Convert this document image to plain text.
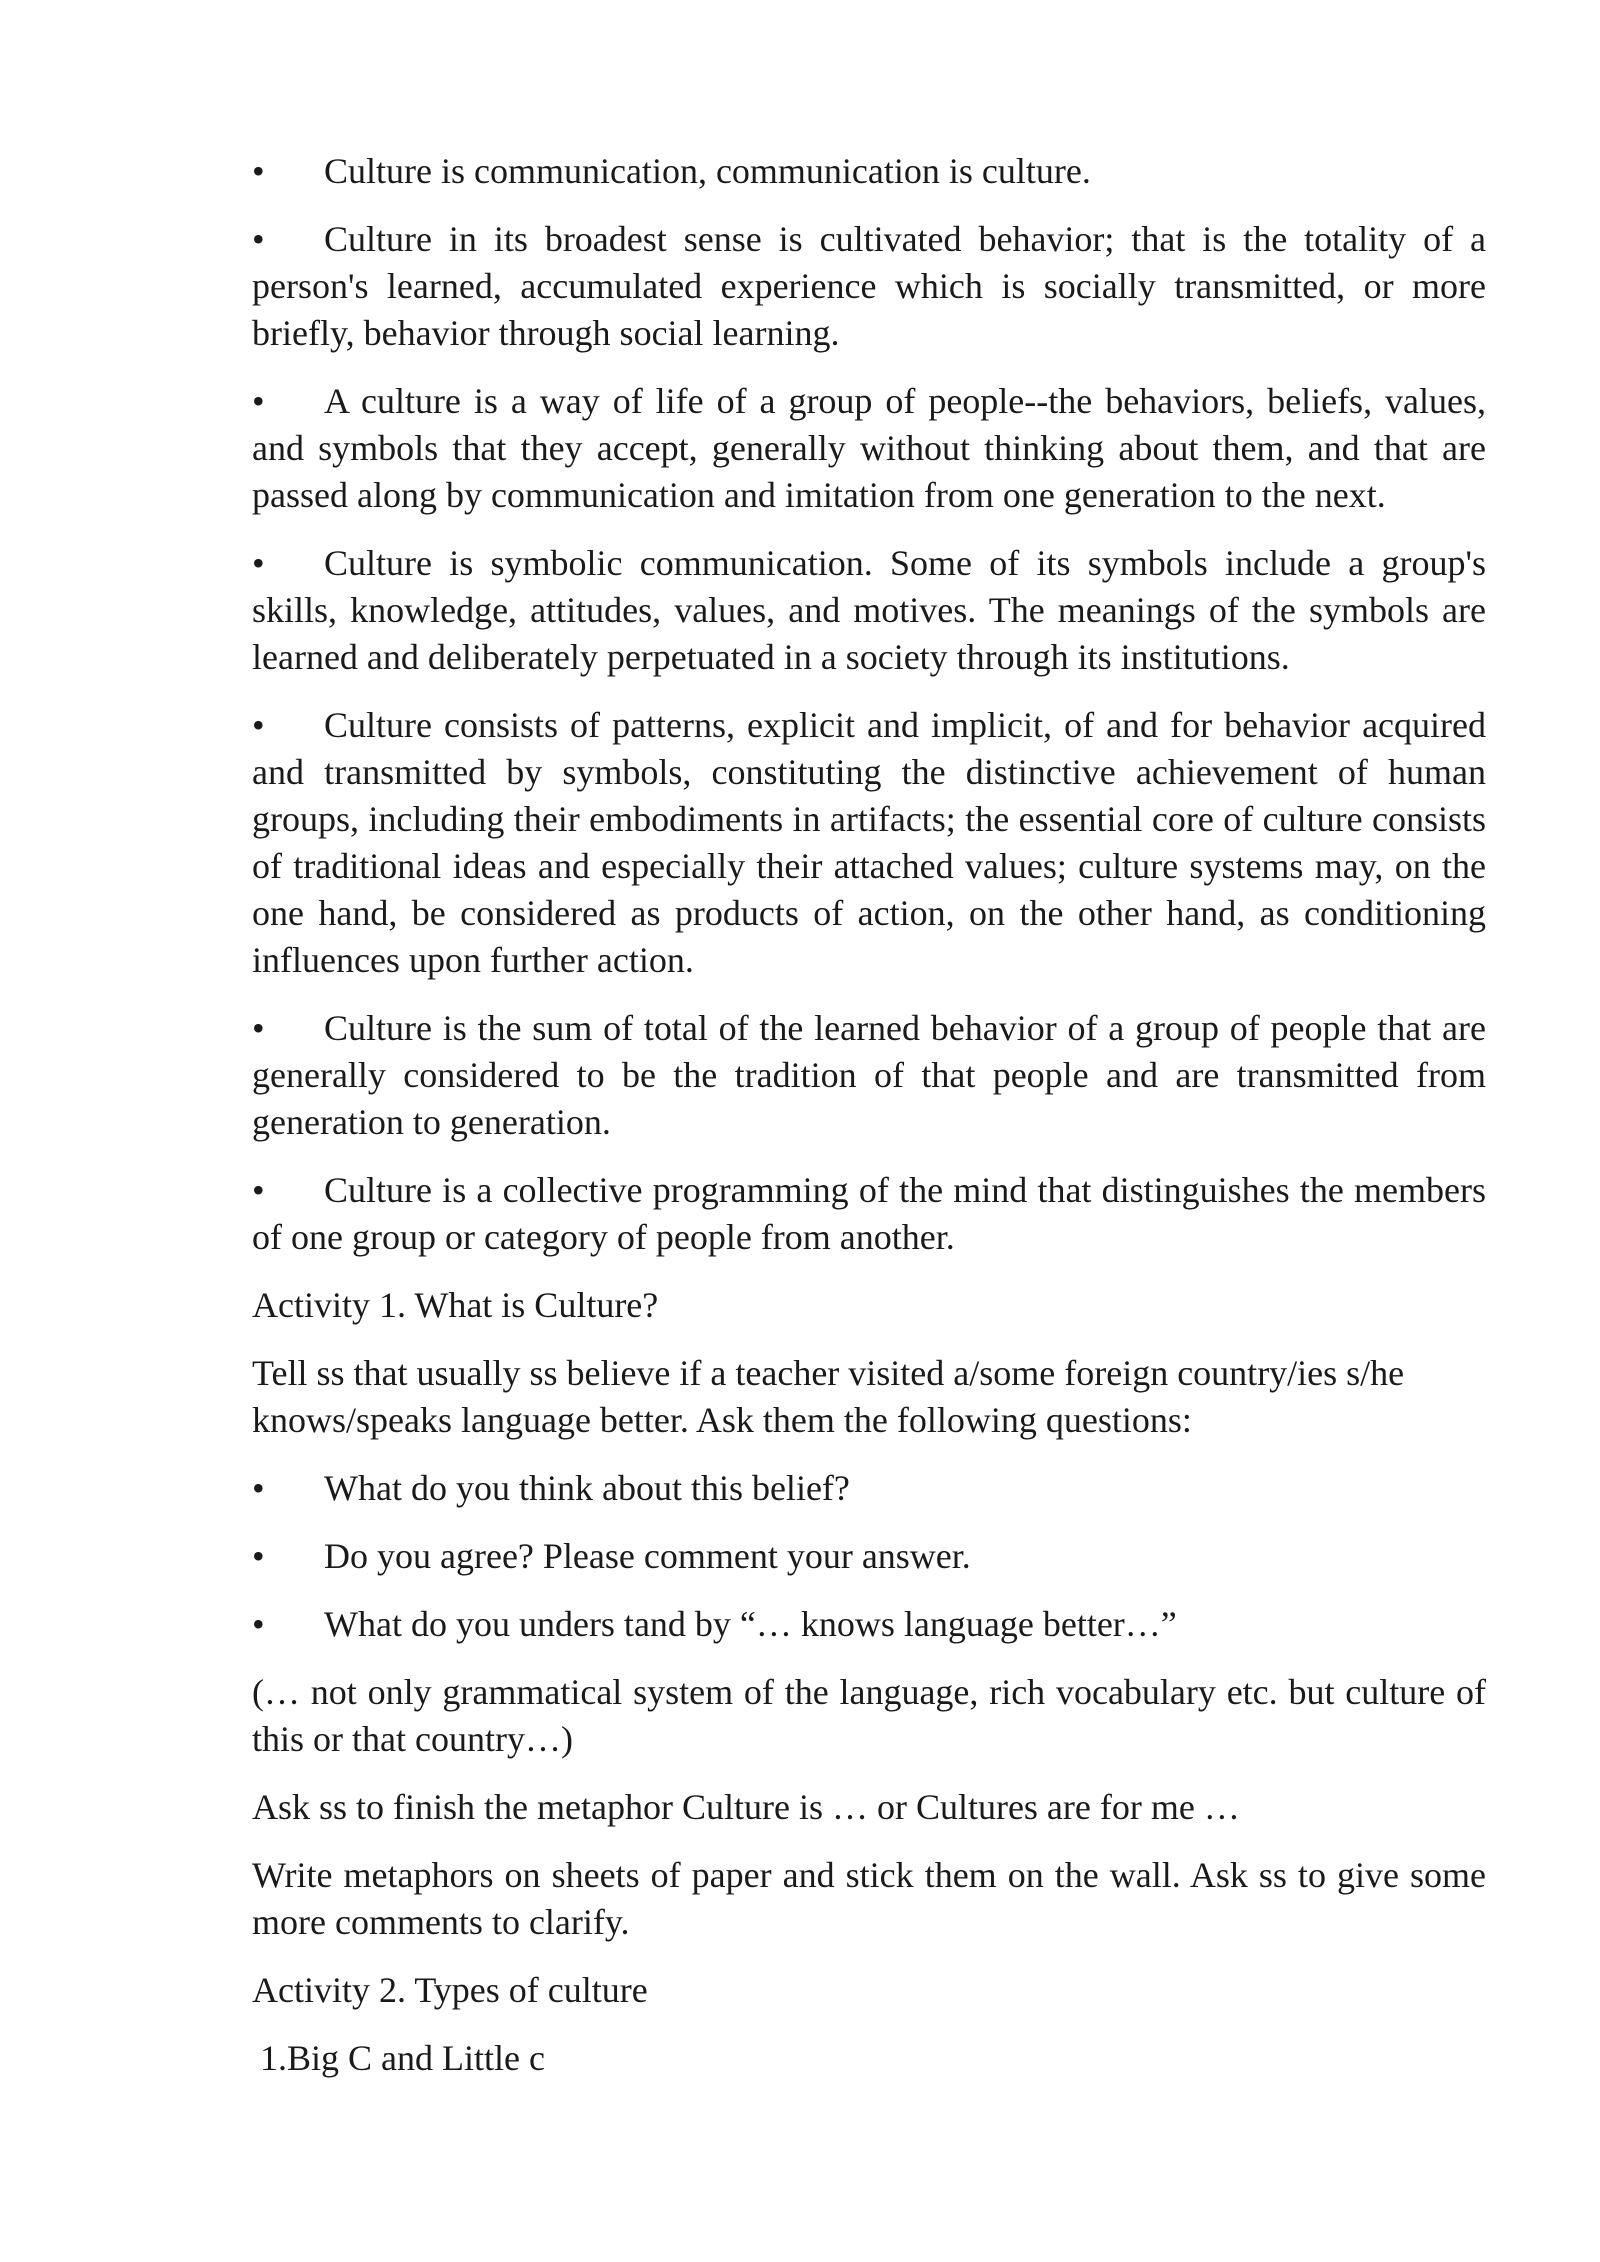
• Culture is communication, communication is culture.

• Culture in its broadest sense is cultivated behavior; that is the totality of a person's learned, accumulated experience which is socially transmitted, or more briefly, behavior through social learning.

• A culture is a way of life of a group of people--the behaviors, beliefs, values, and symbols that they accept, generally without thinking about them, and that are passed along by communication and imitation from one generation to the next.

• Culture is symbolic communication. Some of its symbols include a group's skills, knowledge, attitudes, values, and motives. The meanings of the symbols are learned and deliberately perpetuated in a society through its institutions.

• Culture consists of patterns, explicit and implicit, of and for behavior acquired and transmitted by symbols, constituting the distinctive achievement of human groups, including their embodiments in artifacts; the essential core of culture consists of traditional ideas and especially their attached values; culture systems may, on the one hand, be considered as products of action, on the other hand, as conditioning influences upon further action.

• Culture is the sum of total of the learned behavior of a group of people that are generally considered to be the tradition of that people and are transmitted from generation to generation.

• Culture is a collective programming of the mind that distinguishes the members of one group or category of people from another.

Activity 1. What is Culture?

Tell ss that usually ss believe if a teacher visited a/some foreign country/ies s/he knows/speaks language better. Ask them the following questions:

• What do you think about this belief?

• Do you agree? Please comment your answer.

• What do you unders tand by “… knows language better…”

(… not only grammatical system of the language, rich vocabulary etc. but culture of this or that country…)

Ask ss to finish the metaphor Culture is … or Cultures are for me …

Write metaphors on sheets of paper and stick them on the wall. Ask ss to give some more comments to clarify.

Activity 2. Types of culture

1.Big C and Little c
